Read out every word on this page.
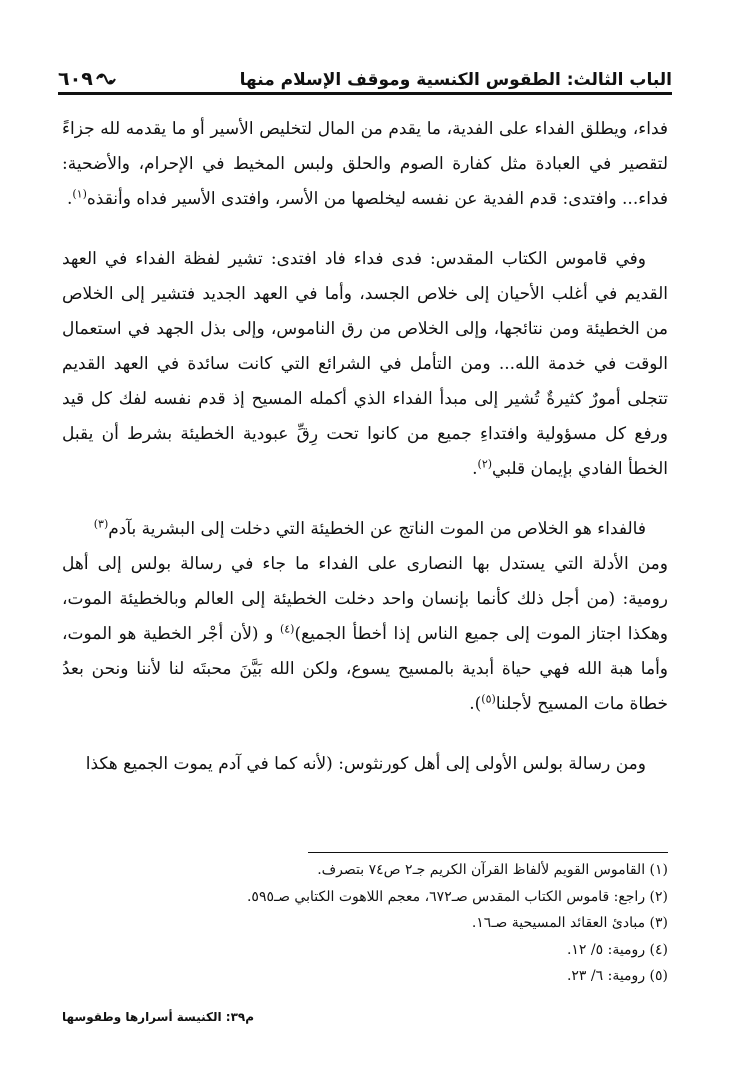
الباب الثالث: الطقوس الكنسية وموقف الإسلام منها
٦٠٩

فداء، ويطلق الفداء على الفدية، ما يقدم من المال لتخليص الأسير أو ما يقدمه لله جزاءً لتقصير في العبادة مثل كفارة الصوم والحلق ولبس المخيط في الإحرام، والأضحية: فداء... وافتدى: قدم الفدية عن نفسه ليخلصها من الأسر، وافتدى الأسير فداه وأنقذه$^{(١)}$.

وفي قاموس الكتاب المقدس: فدى فداء فاد افتدى: تشير لفظة الفداء في العهد القديم في أغلب الأحيان إلى خلاص الجسد، وأما في العهد الجديد فتشير إلى الخلاص من الخطيئة ومن نتائجها، وإلى الخلاص من رق الناموس، وإلى بذل الجهد في استعمال الوقت في خدمة الله... ومن التأمل في الشرائع التي كانت سائدة في العهد القديم تتجلى أمورٌ كثيرةٌ تُشير إلى مبدأ الفداء الذي أكمله المسيح إذ قدم نفسه لفك كل قيد ورفع كل مسؤولية وافتداءِ جميع من كانوا تحت رِقِّ عبودية الخطيئة بشرط أن يقبل الخطأ الفادي بإيمان قلبي$^{(٢)}$.

فالفداء هو الخلاص من الموت الناتج عن الخطيئة التي دخلت إلى البشرية بآدم$^{(٣)}$

ومن الأدلة التي يستدل بها النصارى على الفداء ما جاء في رسالة بولس إلى أهل رومية: (من أجل ذلك كأنما بإنسان واحد دخلت الخطيئة إلى العالم وبالخطيئة الموت، وهكذا اجتاز الموت إلى جميع الناس إذا أخطأ الجميع)$^{(٤)}$ و (لأن أجْر الخطية هو الموت، وأما هبة الله فهي حياة أبدية بالمسيح يسوع، ولكن الله بَيَّنَ محبتَه لنا لأننا ونحن بعدُ خطاة مات المسيح لأجلنا$^{(٥)}$).

ومن رسالة بولس الأولى إلى أهل كورنثوس: (لأنه كما في آدم يموت الجميع هكذا

(١) القاموس القويم لألفاظ القرآن الكريم جـ٢ ص٧٤ بتصرف.
(٢) راجع: قاموس الكتاب المقدس صـ٦٧٢، معجم اللاهوت الكتابي صـ٥٩٥.
(٣) مبادئ العقائد المسيحية صـ١٦.
(٤) رومية: ٥/ ١٢.
(٥) رومية: ٦/ ٢٣.
م٣٩: الكنيسة أسرارها وطقوسها
